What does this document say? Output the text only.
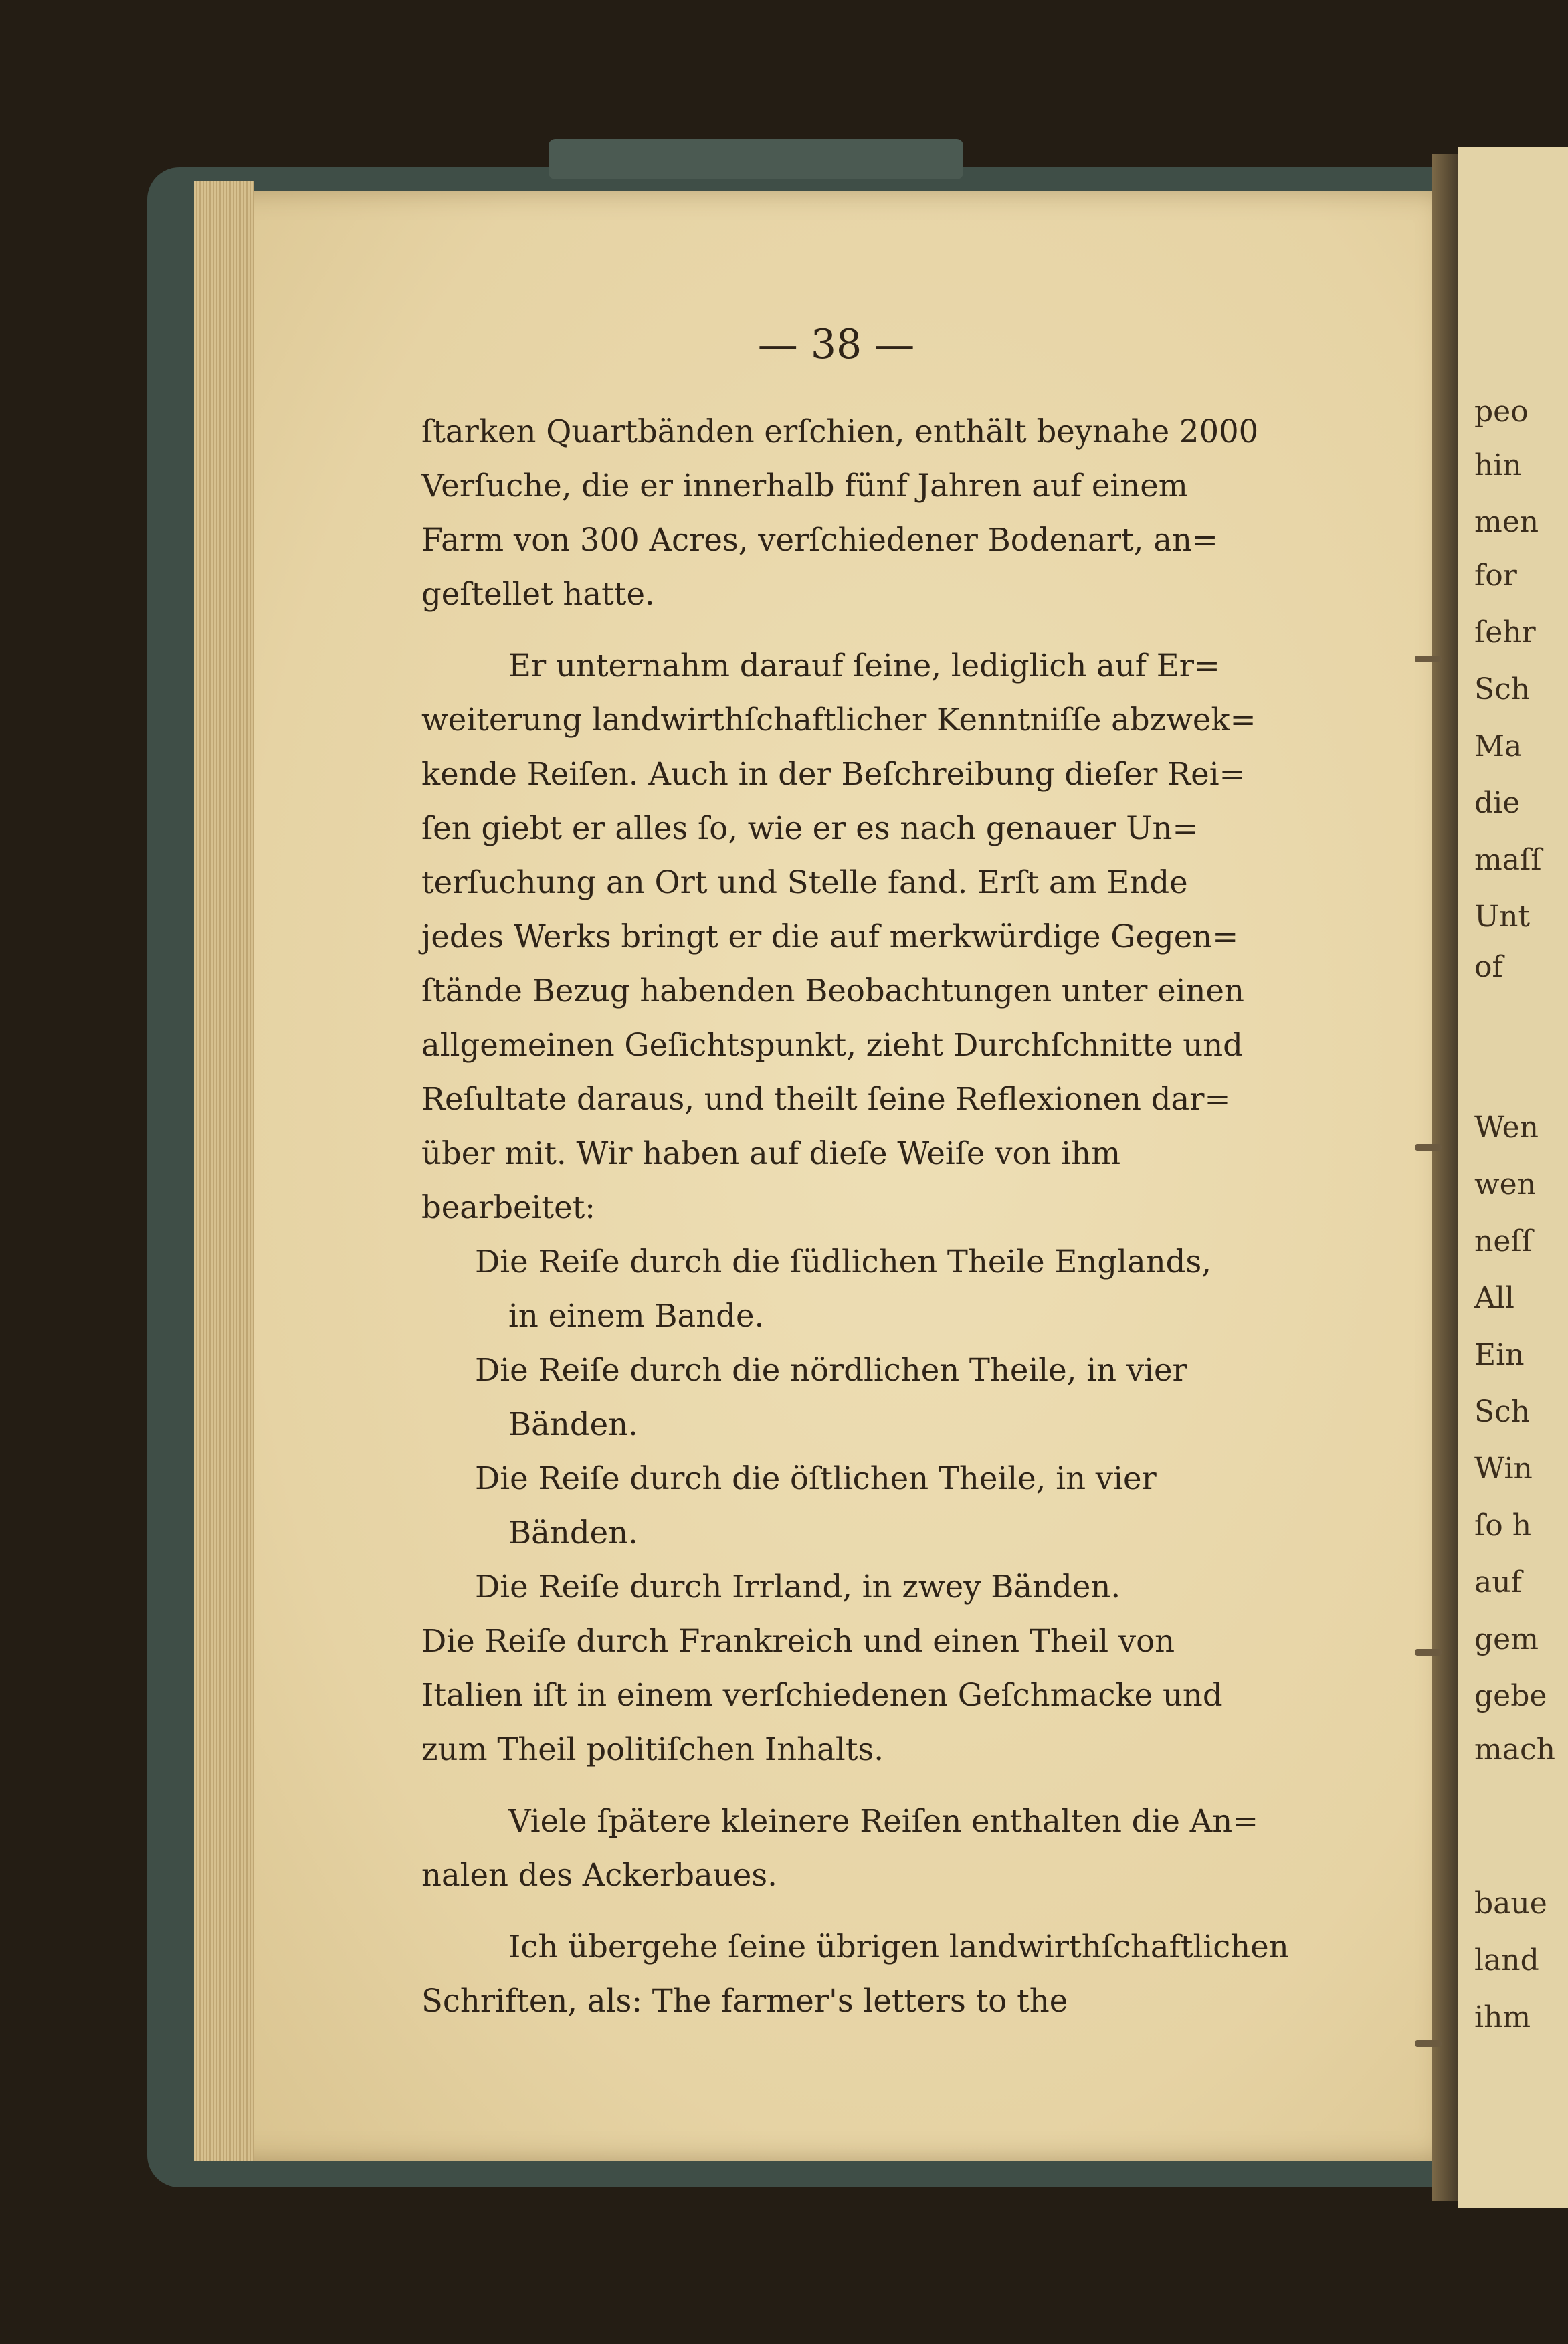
peo
hin
men
for
ſehr
Sch
Ma
die
maſſ
Unt
of
Wen
wen
neſſ
All
Ein
Sch
Win
ſo h
auf
gem
gebe
mach
baue
land
ihm
— 38 —

ſtarken Quartbänden erſchien, enthält beynahe 2000
Verſuche, die er innerhalb fünf Jahren auf einem
Farm von 300 Acres, verſchiedener Bodenart, an=
geſtellet hatte.

Er unternahm darauf ſeine, lediglich auf Er=
weiterung landwirthſchaftlicher Kenntniſſe abzwek=
kende Reiſen. Auch in der Beſchreibung dieſer Rei=
ſen giebt er alles ſo, wie er es nach genauer Un=
terſuchung an Ort und Stelle fand. Erſt am Ende
jedes Werks bringt er die auf merkwürdige Gegen=
ſtände Bezug habenden Beobachtungen unter einen
allgemeinen Geſichtspunkt, zieht Durchſchnitte und
Reſultate daraus, und theilt ſeine Reflexionen dar=
über mit. Wir haben auf dieſe Weiſe von ihm
bearbeitet:

Die Reiſe durch die ſüdlichen Theile Englands,
in einem Bande.
Die Reiſe durch die nördlichen Theile, in vier
Bänden.
Die Reiſe durch die öſtlichen Theile, in vier
Bänden.
Die Reiſe durch Irrland, in zwey Bänden.

Die Reiſe durch Frankreich und einen Theil von
Italien iſt in einem verſchiedenen Geſchmacke und
zum Theil politiſchen Inhalts.

Viele ſpätere kleinere Reiſen enthalten die An=
nalen des Ackerbaues.

Ich übergehe ſeine übrigen landwirthſchaftlichen
Schriften, als: The farmer's letters to the
